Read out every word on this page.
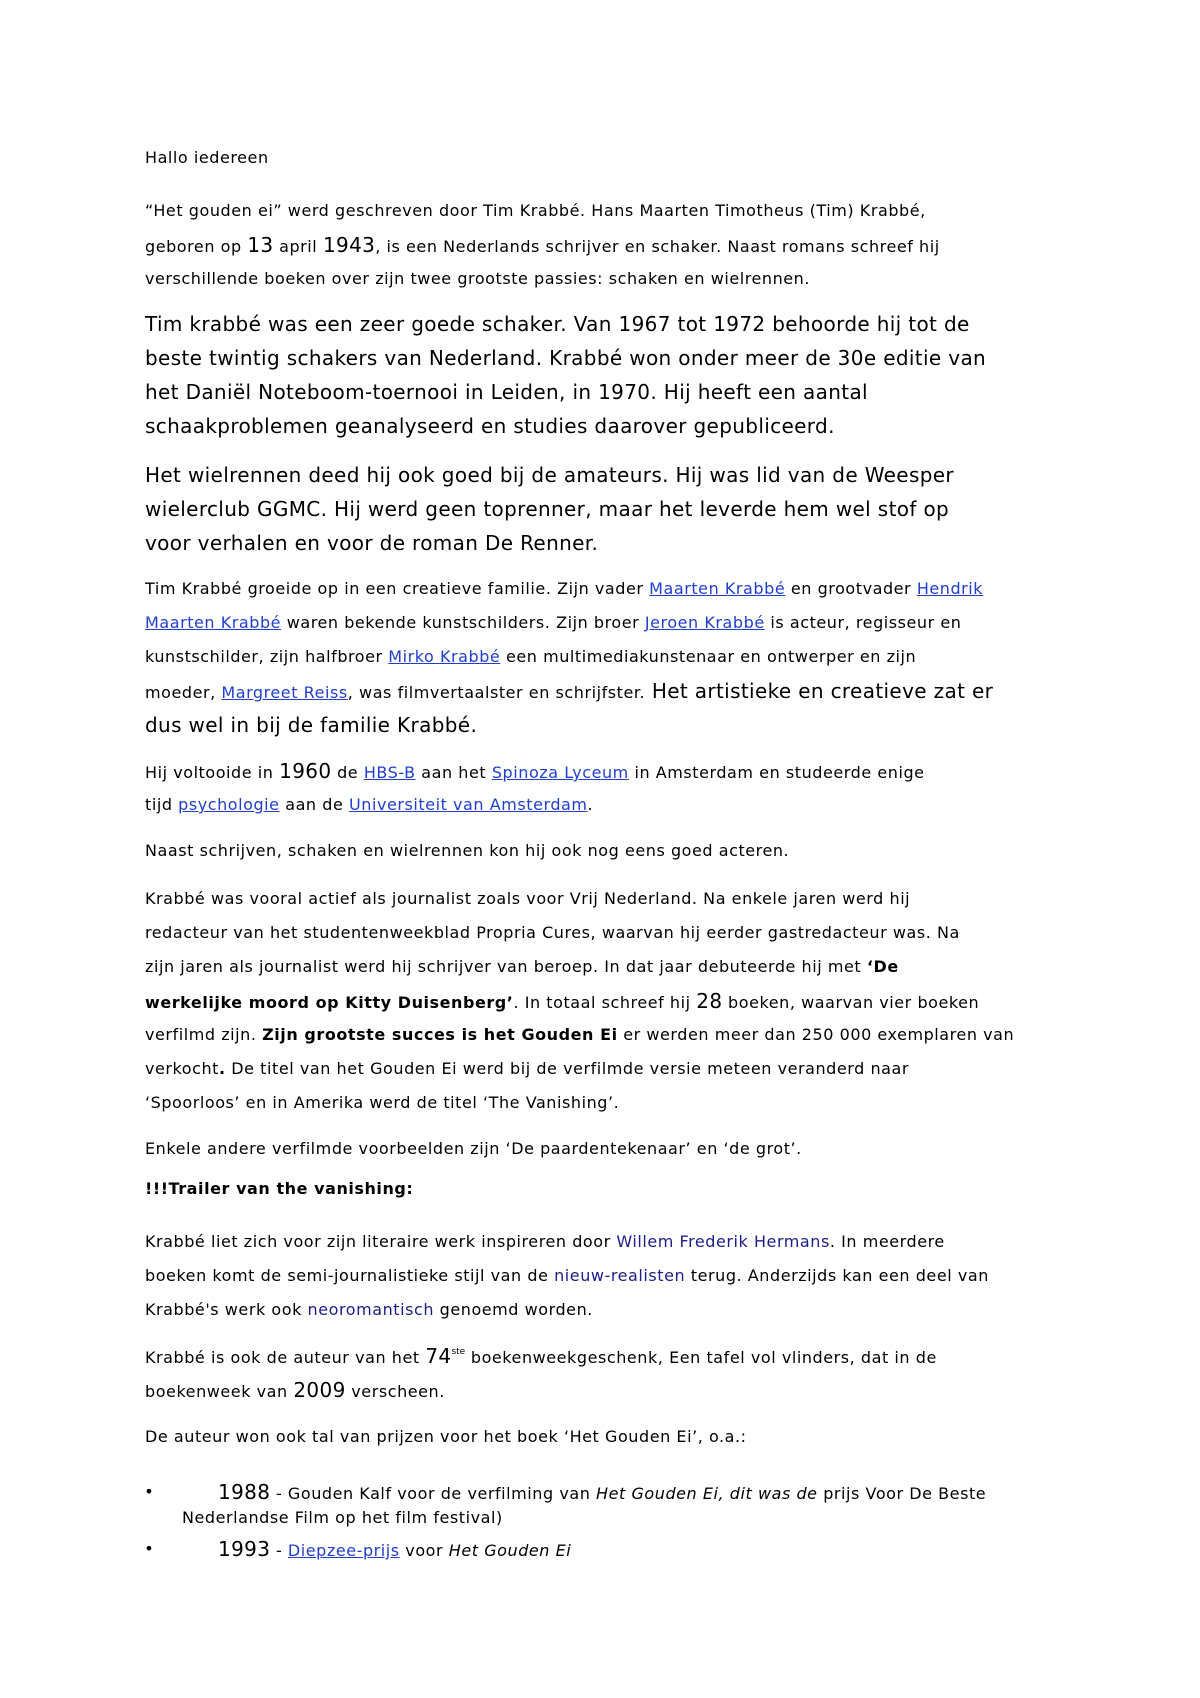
Hallo iedereen
“Het gouden ei” werd geschreven door Tim Krabbé. Hans Maarten Timotheus (Tim) Krabbé,
geboren op 13 april 1943, is een Nederlands schrijver en schaker. Naast romans schreef hij
verschillende boeken over zijn twee grootste passies: schaken en wielrennen.
Tim krabbé was een zeer goede schaker. Van 1967 tot 1972 behoorde hij tot de
beste twintig schakers van Nederland. Krabbé won onder meer de 30e editie van
het Daniël Noteboom-toernooi in Leiden, in 1970. Hij heeft een aantal
schaakproblemen geanalyseerd en studies daarover gepubliceerd.
Het wielrennen deed hij ook goed bij de amateurs. Hij was lid van de Weesper
wielerclub GGMC. Hij werd geen toprenner, maar het leverde hem wel stof op
voor verhalen en voor de roman De Renner.
Tim Krabbé groeide op in een creatieve familie. Zijn vader Maarten Krabbé en grootvader Hendrik
Maarten Krabbé waren bekende kunstschilders. Zijn broer Jeroen Krabbé is acteur, regisseur en
kunstschilder, zijn halfbroer Mirko Krabbé een multimediakunstenaar en ontwerper en zijn
moeder, Margreet Reiss, was filmvertaalster en schrijfster. Het artistieke en creatieve zat er
dus wel in bij de familie Krabbé.
Hij voltooide in 1960 de HBS-B aan het Spinoza Lyceum in Amsterdam en studeerde enige
tijd psychologie aan de Universiteit van Amsterdam.
Naast schrijven, schaken en wielrennen kon hij ook nog eens goed acteren.
Krabbé was vooral actief als journalist zoals voor Vrij Nederland. Na enkele jaren werd hij
redacteur van het studentenweekblad Propria Cures, waarvan hij eerder gastredacteur was. Na
zijn jaren als journalist werd hij schrijver van beroep. In dat jaar debuteerde hij met ‘De
werkelijke moord op Kitty Duisenberg’. In totaal schreef hij 28 boeken, waarvan vier boeken
verfilmd zijn. Zijn grootste succes is het Gouden Ei er werden meer dan 250 000 exemplaren van
verkocht. De titel van het Gouden Ei werd bij de verfilmde versie meteen veranderd naar
‘Spoorloos’ en in Amerika werd de titel ‘The Vanishing’.
Enkele andere verfilmde voorbeelden zijn ‘De paardentekenaar’ en ‘de grot’.
!!!Trailer van the vanishing:
Krabbé liet zich voor zijn literaire werk inspireren door Willem Frederik Hermans. In meerdere
boeken komt de semi-journalistieke stijl van de nieuw-realisten terug. Anderzijds kan een deel van
Krabbé's werk ook neoromantisch genoemd worden.
Krabbé is ook de auteur van het 74ste boekenweekgeschenk, Een tafel vol vlinders, dat in de
boekenweek van 2009 verscheen.
De auteur won ook tal van prijzen voor het boek ‘Het Gouden Ei’, o.a.:
•
1988 - Gouden Kalf voor de verfilming van Het Gouden Ei, dit was de prijs Voor De Beste
Nederlandse Film op het film festival)
•
1993 - Diepzee-prijs voor Het Gouden Ei
